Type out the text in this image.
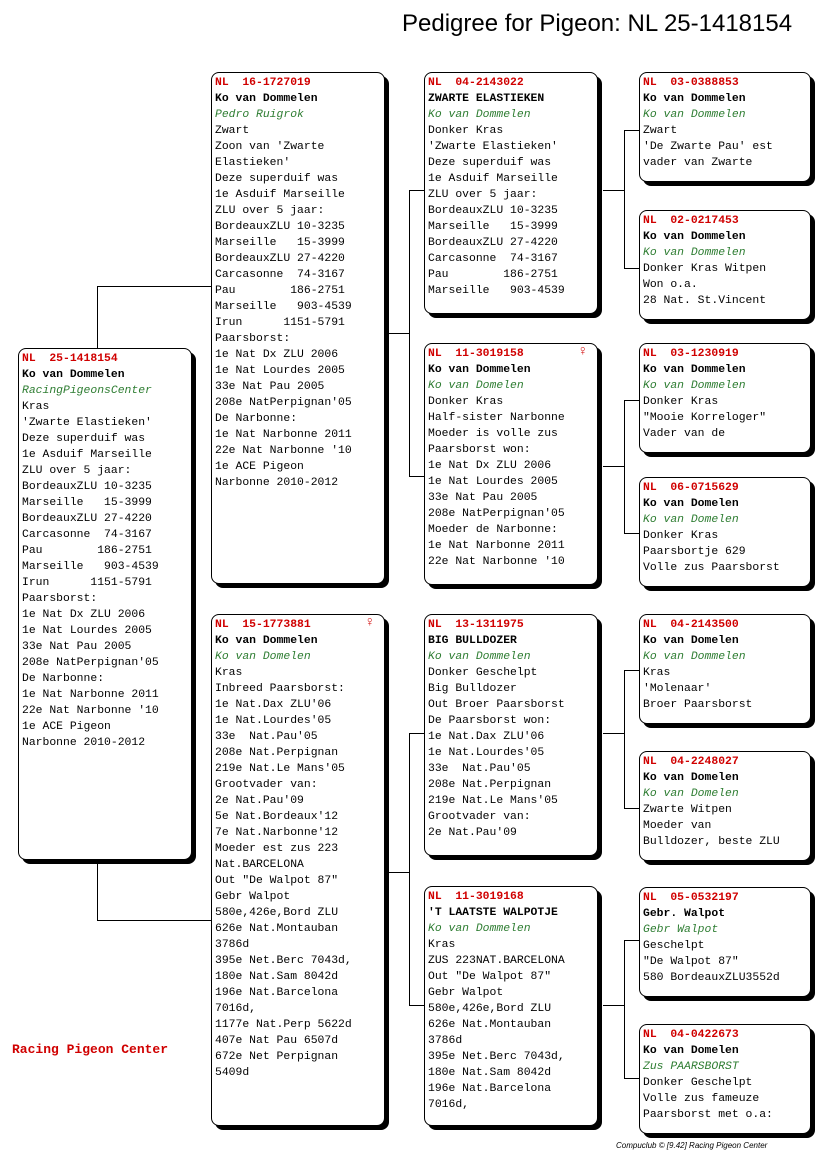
Pedigree for Pigeon: NL 25-1418154
NL  25-1418154
Ko van Dommelen
RacingPigeonsCenter
Kras
'Zwarte Elastieken'
Deze superduif was
1e Asduif Marseille
ZLU over 5 jaar:
BordeauxZLU 10-3235
Marseille   15-3999
BordeauxZLU 27-4220
Carcasonne  74-3167
Pau        186-2751
Marseille   903-4539
Irun      1151-5791
Paarsborst:
1e Nat Dx ZLU 2006
1e Nat Lourdes 2005
33e Nat Pau 2005
208e NatPerpignan'05
De Narbonne:
1e Nat Narbonne 2011
22e Nat Narbonne '10
1e ACE Pigeon
Narbonne 2010-2012
NL  16-1727019
Ko van Dommelen
Pedro Ruigrok
Zwart
Zoon van 'Zwarte
Elastieken'
Deze superduif was
1e Asduif Marseille
ZLU over 5 jaar:
BordeauxZLU 10-3235
Marseille   15-3999
BordeauxZLU 27-4220
Carcasonne  74-3167
Pau        186-2751
Marseille   903-4539
Irun      1151-5791
Paarsborst:
1e Nat Dx ZLU 2006
1e Nat Lourdes 2005
33e Nat Pau 2005
208e NatPerpignan'05
De Narbonne:
1e Nat Narbonne 2011
22e Nat Narbonne '10
1e ACE Pigeon
Narbonne 2010-2012
♀
NL  15-1773881
Ko van Dommelen
Ko van Domelen
Kras
Inbreed Paarsborst:
1e Nat.Dax ZLU'06
1e Nat.Lourdes'05
33e  Nat.Pau'05
208e Nat.Perpignan
219e Nat.Le Mans'05
Grootvader van:
2e Nat.Pau'09
5e Nat.Bordeaux'12
7e Nat.Narbonne'12
Moeder est zus 223
Nat.BARCELONA
Out "De Walpot 87"
Gebr Walpot
580e,426e,Bord ZLU
626e Nat.Montauban
3786d
395e Net.Berc 7043d,
180e Nat.Sam 8042d
196e Nat.Barcelona
7016d,
1177e Nat.Perp 5622d
407e Nat Pau 6507d
672e Net Perpignan
5409d
NL  04-2143022
ZWARTE ELASTIEKEN
Ko van Dommelen
Donker Kras
'Zwarte Elastieken'
Deze superduif was
1e Asduif Marseille
ZLU over 5 jaar:
BordeauxZLU 10-3235
Marseille   15-3999
BordeauxZLU 27-4220
Carcasonne  74-3167
Pau        186-2751
Marseille   903-4539
♀
NL  11-3019158
Ko van Dommelen
Ko van Domelen
Donker Kras
Half-sister Narbonne
Moeder is volle zus
Paarsborst won:
1e Nat Dx ZLU 2006
1e Nat Lourdes 2005
33e Nat Pau 2005
208e NatPerpignan'05
Moeder de Narbonne:
1e Nat Narbonne 2011
22e Nat Narbonne '10
NL  13-1311975
BIG BULLDOZER
Ko van Dommelen
Donker Geschelpt
Big Bulldozer
Out Broer Paarsborst
De Paarsborst won:
1e Nat.Dax ZLU'06
1e Nat.Lourdes'05
33e  Nat.Pau'05
208e Nat.Perpignan
219e Nat.Le Mans'05
Grootvader van:
2e Nat.Pau'09
NL  11-3019168
'T LAATSTE WALPOTJE
Ko van Dommelen
Kras
ZUS 223NAT.BARCELONA
Out "De Walpot 87"
Gebr Walpot
580e,426e,Bord ZLU
626e Nat.Montauban
3786d
395e Net.Berc 7043d,
180e Nat.Sam 8042d
196e Nat.Barcelona
7016d,
NL  03-0388853
Ko van Dommelen
Ko van Dommelen
Zwart
'De Zwarte Pau' est
vader van Zwarte
NL  02-0217453
Ko van Dommelen
Ko van Dommelen
Donker Kras Witpen
Won o.a.
28 Nat. St.Vincent
NL  03-1230919
Ko van Dommelen
Ko van Dommelen
Donker Kras
"Mooie Korreloger"
Vader van de
NL  06-0715629
Ko van Domelen
Ko van Domelen
Donker Kras
Paarsbortje 629
Volle zus Paarsborst
NL  04-2143500
Ko van Domelen
Ko van Dommelen
Kras
'Molenaar'
Broer Paarsborst
NL  04-2248027
Ko van Domelen
Ko van Domelen
Zwarte Witpen
Moeder van
Bulldozer, beste ZLU
NL  05-0532197
Gebr. Walpot
Gebr Walpot
Geschelpt
"De Walpot 87"
580 BordeauxZLU3552d
NL  04-0422673
Ko van Domelen
Zus PAARSBORST
Donker Geschelpt
Volle zus fameuze
Paarsborst met o.a:
Racing Pigeon Center
Compuclub © [9.42] Racing Pigeon Center
